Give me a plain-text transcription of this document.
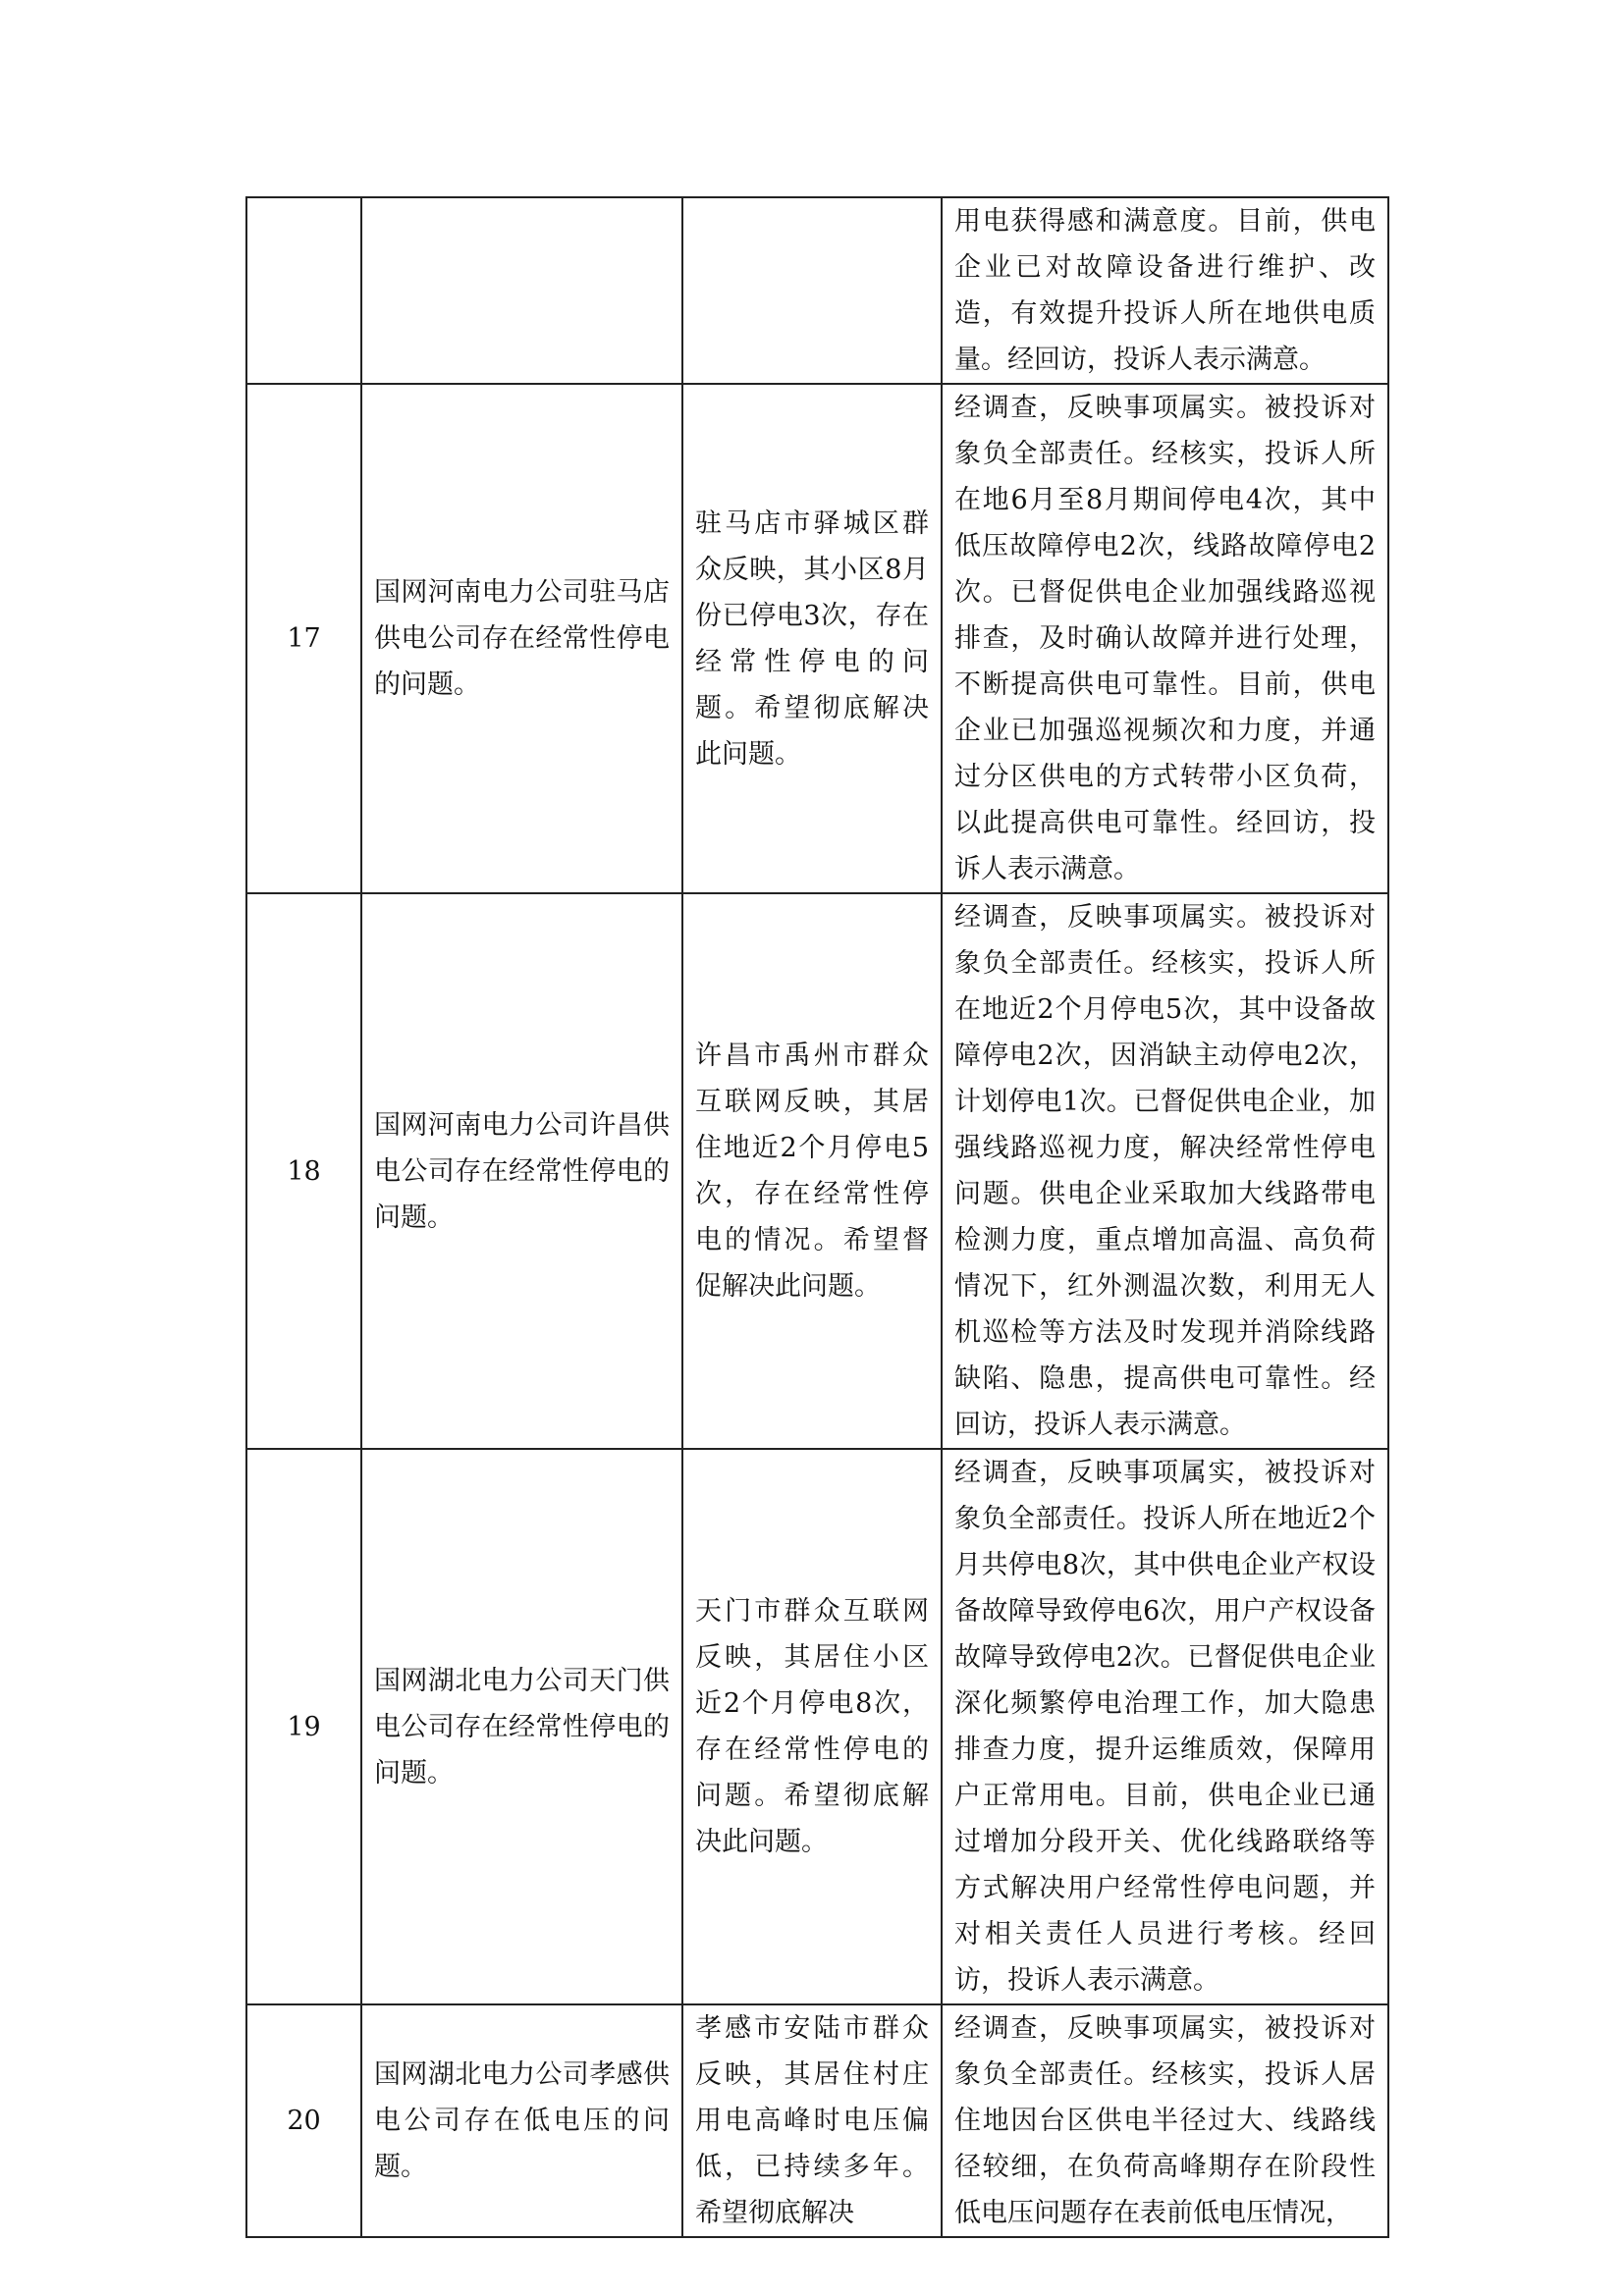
			用电获得感和满意度。目前，供电企业已对故障设备进行维护、改造，有效提升投诉人所在地供电质量。经回访，投诉人表示满意。
17	国网河南电力公司驻马店供电公司存在经常性停电的问题。	驻马店市驿城区群众反映，其小区8月份已停电3次，存在经常性停电的问题。希望彻底解决此问题。	经调查，反映事项属实。被投诉对象负全部责任。经核实，投诉人所在地6月至8月期间停电4次，其中低压故障停电2次，线路故障停电2次。已督促供电企业加强线路巡视排查，及时确认故障并进行处理，不断提高供电可靠性。目前，供电企业已加强巡视频次和力度，并通过分区供电的方式转带小区负荷，以此提高供电可靠性。经回访，投诉人表示满意。
18	国网河南电力公司许昌供电公司存在经常性停电的问题。	许昌市禹州市群众互联网反映，其居住地近2个月停电5次，存在经常性停电的情况。希望督促解决此问题。	经调查，反映事项属实。被投诉对象负全部责任。经核实，投诉人所在地近2个月停电5次，其中设备故障停电2次，因消缺主动停电2次，计划停电1次。已督促供电企业，加强线路巡视力度，解决经常性停电问题。供电企业采取加大线路带电检测力度，重点增加高温、高负荷情况下，红外测温次数，利用无人机巡检等方法及时发现并消除线路缺陷、隐患，提高供电可靠性。经回访，投诉人表示满意。
19	国网湖北电力公司天门供电公司存在经常性停电的问题。	天门市群众互联网反映，其居住小区近2个月停电8次，存在经常性停电的问题。希望彻底解决此问题。	经调查，反映事项属实，被投诉对象负全部责任。投诉人所在地近2个月共停电8次，其中供电企业产权设备故障导致停电6次，用户产权设备故障导致停电2次。已督促供电企业深化频繁停电治理工作，加大隐患排查力度，提升运维质效，保障用户正常用电。目前，供电企业已通过增加分段开关、优化线路联络等方式解决用户经常性停电问题，并对相关责任人员进行考核。经回访，投诉人表示满意。
20	国网湖北电力公司孝感供电公司存在低电压的问题。	孝感市安陆市群众反映，其居住村庄用电高峰时电压偏低，已持续多年。希望彻底解决	经调查，反映事项属实，被投诉对象负全部责任。经核实，投诉人居住地因台区供电半径过大、线路线径较细，在负荷高峰期存在阶段性低电压问题存在表前低电压情况，
